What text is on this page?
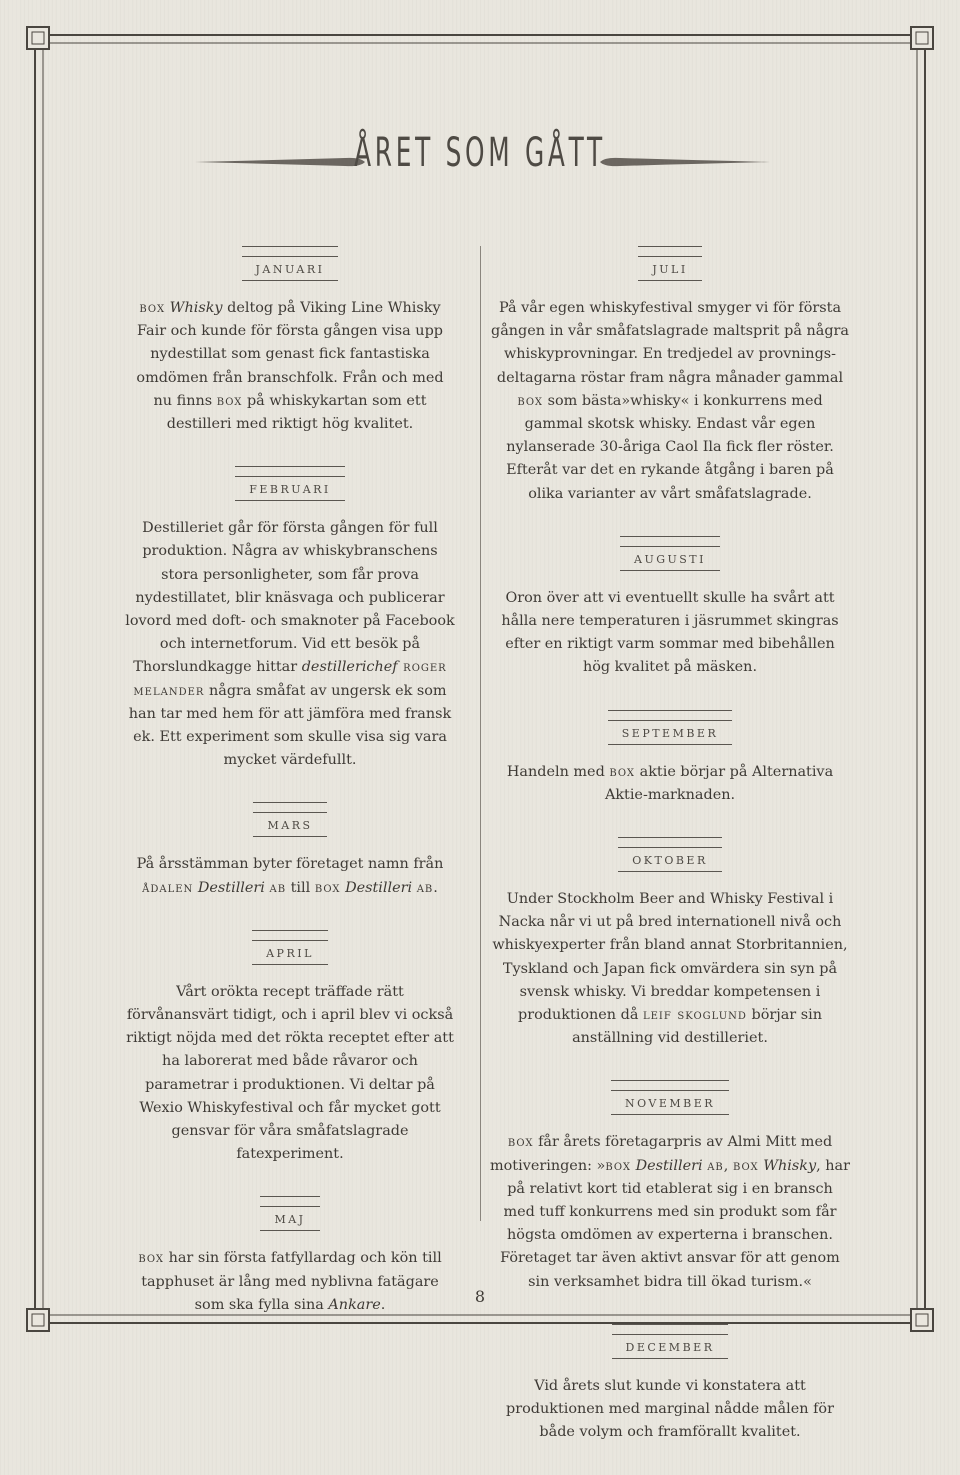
ÅRET SOM GÅTT
januari

box Whisky deltog på Viking Line Whisky Fair och kunde för första gången visa upp nydestillat som genast fick fantastiska omdömen från branschfolk. Från och med nu finns box på whiskykartan som ett destilleri med riktigt hög kvalitet.

februari

Destilleriet går för första gången för full produktion. Några av whiskybranschens stora personligheter, som får prova nydestillatet, blir knäsvaga och publicerar lovord med doft- och smaknoter på Facebook och internetforum. Vid ett besök på Thorslundkagge hittar destillerichef roger melander några småfat av ungersk ek som han tar med hem för att jämföra med fransk ek. Ett experiment som skulle visa sig vara mycket värdefullt.

mars

På årsstämman byter företaget namn från ådalen Destilleri ab till box Destilleri ab.

april

Vårt orökta recept träffade rätt förvånansvärt tidigt, och i april blev vi också riktigt nöjda med det rökta receptet efter att ha laborerat med både råvaror och parametrar i produktionen. Vi deltar på Wexio Whiskyfestival och får mycket gott gensvar för våra småfatslagrade fatexperiment.

maj

box har sin första fatfyllardag och kön till tapphuset är lång med nyblivna fatägare som ska fylla sina Ankare.

juli

På vår egen whiskyfestival smyger vi för första gången in vår småfatslagrade maltsprit på några whiskyprovningar. En tredjedel av provningsdeltagarna röstar fram några månader gammal box som bästa»whisky« i konkurrens med gammal skotsk whisky. Endast vår egen nylanserade 30-åriga Caol Ila fick fler röster. Efteråt var det en rykande åtgång i baren på olika varianter av vårt småfatslagrade.

augusti

Oron över att vi eventuellt skulle ha svårt att hålla nere temperaturen i jäsrummet skingras efter en riktigt varm sommar med bibehållen hög kvalitet på mäsken.

september

Handeln med box aktie börjar på Alternativa Aktie-marknaden.

oktober

Under Stockholm Beer and Whisky Festival i Nacka når vi ut på bred internationell nivå och whiskyexperter från bland annat Storbritannien, Tyskland och Japan fick omvärdera sin syn på svensk whisky. Vi breddar kompetensen i produktionen då leif skoglund börjar sin anställning vid destilleriet.

november

box får årets företagarpris av Almi Mitt med motiveringen: »box Destilleri ab, box Whisky, har på relativt kort tid etablerat sig i en bransch med tuff konkurrens med sin produkt som får högsta omdömen av experterna i branschen. Företaget tar även aktivt ansvar för att genom sin verksamhet bidra till ökad turism.«

december

Vid årets slut kunde vi konstatera att produktionen med marginal nådde målen för både volym och framförallt kvalitet.

8
